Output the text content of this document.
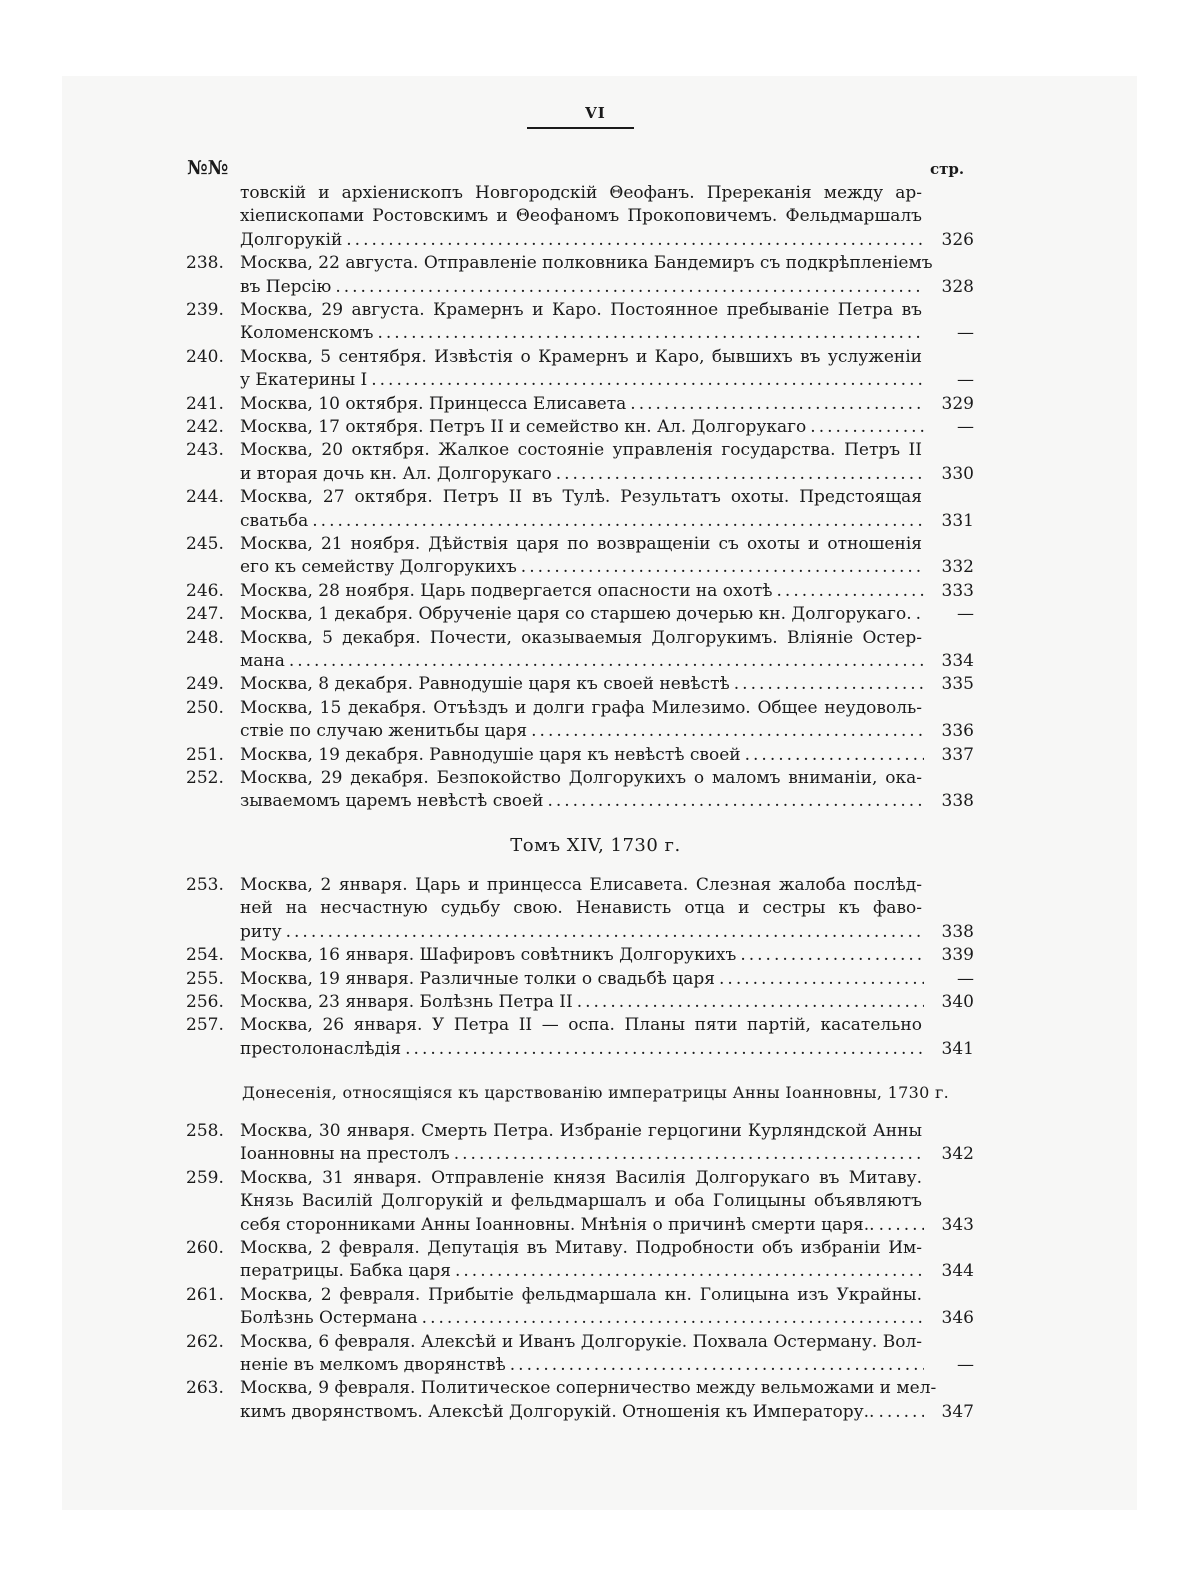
VI
№№	стр.
товскій и архіенископъ Новгородскій Θеофанъ. Пререканія между ар-
хіепископами Ростовскимъ и Θеофаномъ Прокоповичемъ. Фельдмаршалъ
Долгорукій .....	326
238. Москва, 22 августа. Отправленіе полковника Бандемиръ съ подкрѣпленіемъ
въ Персію .....	328
239. Москва, 29 августа. Крамернъ и Каро. Постоянное пребываніе Петра въ
Коломенскомъ .....	—
240. Москва, 5 сентября. Извѣстія о Крамернъ и Каро, бывшихъ въ услуженіи
у Екатерины I .....	—
241. Москва, 10 октября. Принцесса Елисавета .....	329
242. Москва, 17 октября. Петръ II и семейство кн. Ал. Долгорукаго .....	—
243. Москва, 20 октября. Жалкое состояніе управленія государства. Петръ II
и вторая дочь кн. Ал. Долгорукаго .....	330
244. Москва, 27 октября. Петръ II въ Тулѣ. Результатъ охоты. Предстоящая
сватьба .....	331
245. Москва, 21 ноября. Дѣйствія царя по возвращеніи съ охоты и отношенія
его къ семейству Долгорукихъ .....	332
246. Москва, 28 ноября. Царь подвергается опасности на охотѣ .....	333
247. Москва, 1 декабря. Обрученіе царя со старшею дочерью кн. Долгорукаго. .....	—
248. Москва, 5 декабря. Почести, оказываемыя Долгорукимъ. Вліяніе Остер-
мана .....	334
249. Москва, 8 декабря. Равнодушіе царя къ своей невѣстѣ .....	335
250. Москва, 15 декабря. Отъѣздъ и долги графа Милезимо. Общее неудоволь-
ствіе по случаю женитьбы царя .....	336
251. Москва, 19 декабря. Равнодушіе царя къ невѣстѣ своей .....	337
252. Москва, 29 декабря. Безпокойство Долгорукихъ о маломъ вниманіи, ока-
зываемомъ царемъ невѣстѣ своей .....	338
253. Москва, 2 января. Царь и принцесса Елисавета. Слезная жалоба послѣд-
ней на несчастную судьбу свою. Ненависть отца и сестры къ фаво-
риту .....	338
254. Москва, 16 января. Шафировъ совѣтникъ Долгорукихъ .....	339
255. Москва, 19 января. Различные толки о свадьбѣ царя .....	—
256. Москва, 23 января. Болѣзнь Петра II .....	340
257. Москва, 26 января. У Петра II — оспа. Планы пяти партій, касательно
престолонаслѣдія .....	341
258. Москва, 30 января. Смерть Петра. Избраніе герцогини Курляндской Анны
Іоанновны на престолъ .....	342
259. Москва, 31 января. Отправленіе князя Василія Долгорукаго въ Митаву.
Князь Василій Долгорукій и фельдмаршалъ и оба Голицыны объявляютъ
себя сторонниками Анны Іоанновны. Мнѣнія о причинѣ смерти царя.. .....	343
260. Москва, 2 февраля. Депутація въ Митаву. Подробности объ избраніи Им-
ператрицы. Бабка царя .....	344
261. Москва, 2 февраля. Прибытіе фельдмаршала кн. Голицына изъ Украйны.
Болѣзнь Остермана .....	346
262. Москва, 6 февраля. Алексѣй и Иванъ Долгорукіе. Похвала Остерману. Вол-
неніе въ мелкомъ дворянствѣ .....	—
263. Москва, 9 февраля. Политическое соперничество между вельможами и мел-
кимъ дворянствомъ. Алексѣй Долгорукій. Отношенія къ Императору.. .....	347
Томъ XIV, 1730 г.
Донесенія, относящіяся къ царствованію императрицы Анны Іоанновны, 1730 г.
